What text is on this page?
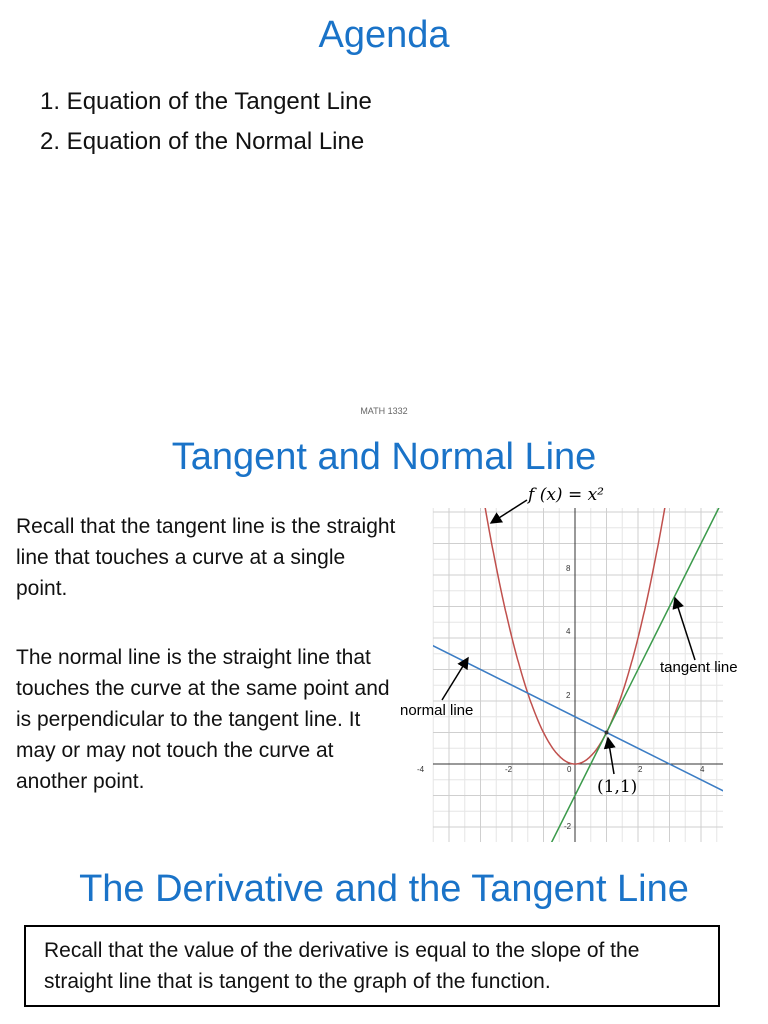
Agenda
1. Equation of the Tangent Line
2. Equation of the Normal Line
MATH 1332
Tangent and Normal Line

Recall that the tangent line is the straight line that touches a curve at a single point.

The normal line is the straight line that touches the curve at the same point and is perpendicular to the tangent line. It may or may not touch the curve at another point.

-4	-2	0	2	4
8
4
2
-2
f (x) = x²
tangent line
normal line
(1,1)
The Derivative and the Tangent Line
Recall that the value of the derivative is equal to the slope of the straight line that is tangent to the graph of the function.
